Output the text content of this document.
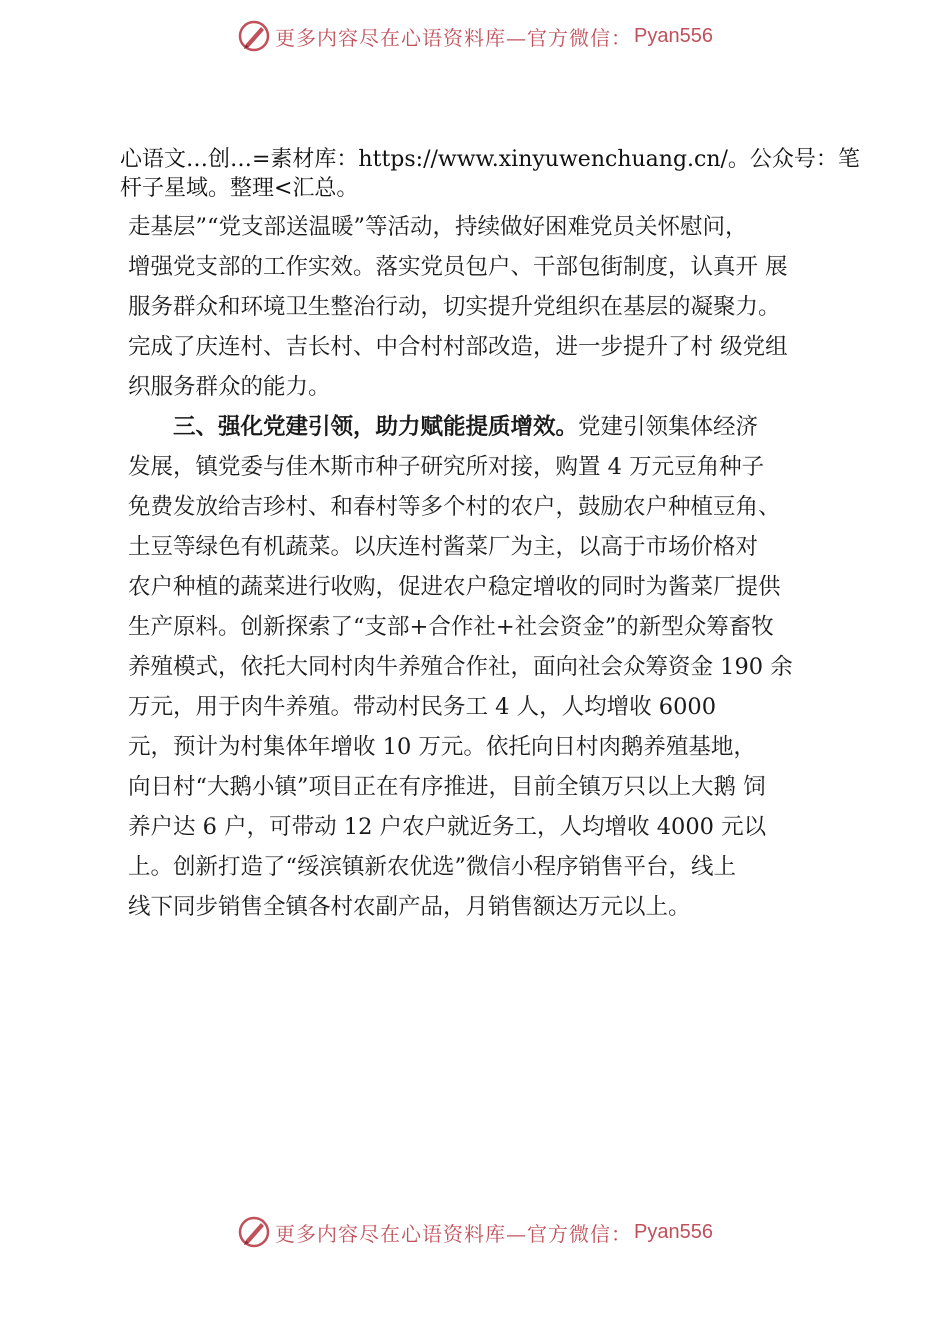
更多内容尽在心语资料库—官方微信： Pyan556
心语文…创…=素材库：https://www.xinyuwenchuang.cn/。公众号：笔杆子星域。整理<汇总。
走基层”“党支部送温暖”等活动，持续做好困难党员关怀慰问，
增强党支部的工作实效。落实党员包户、干部包街制度，认真开 展
服务群众和环境卫生整治行动，切实提升党组织在基层的凝聚力。
完成了庆连村、吉长村、中合村村部改造，进一步提升了村 级党组
织服务群众的能力。
三、强化党建引领，助力赋能提质增效。党建引领集体经济
发展，镇党委与佳木斯市种子研究所对接，购置 4 万元豆角种子
免费发放给吉珍村、和春村等多个村的农户，鼓励农户种植豆角、
土豆等绿色有机蔬菜。以庆连村酱菜厂为主，以高于市场价格对
农户种植的蔬菜进行收购，促进农户稳定增收的同时为酱菜厂提供
生产原料。创新探索了“支部+合作社+社会资金”的新型众筹畜牧
养殖模式，依托大同村肉牛养殖合作社，面向社会众筹资金 190 余
万元，用于肉牛养殖。带动村民务工 4 人，人均增收 6000
元，预计为村集体年增收 10 万元。依托向日村肉鹅养殖基地，
向日村“大鹅小镇”项目正在有序推进，目前全镇万只以上大鹅 饲
养户达 6 户，可带动 12 户农户就近务工，人均增收 4000 元以
上。创新打造了“绥滨镇新农优选”微信小程序销售平台，线上
线下同步销售全镇各村农副产品，月销售额达万元以上。
更多内容尽在心语资料库—官方微信： Pyan556
